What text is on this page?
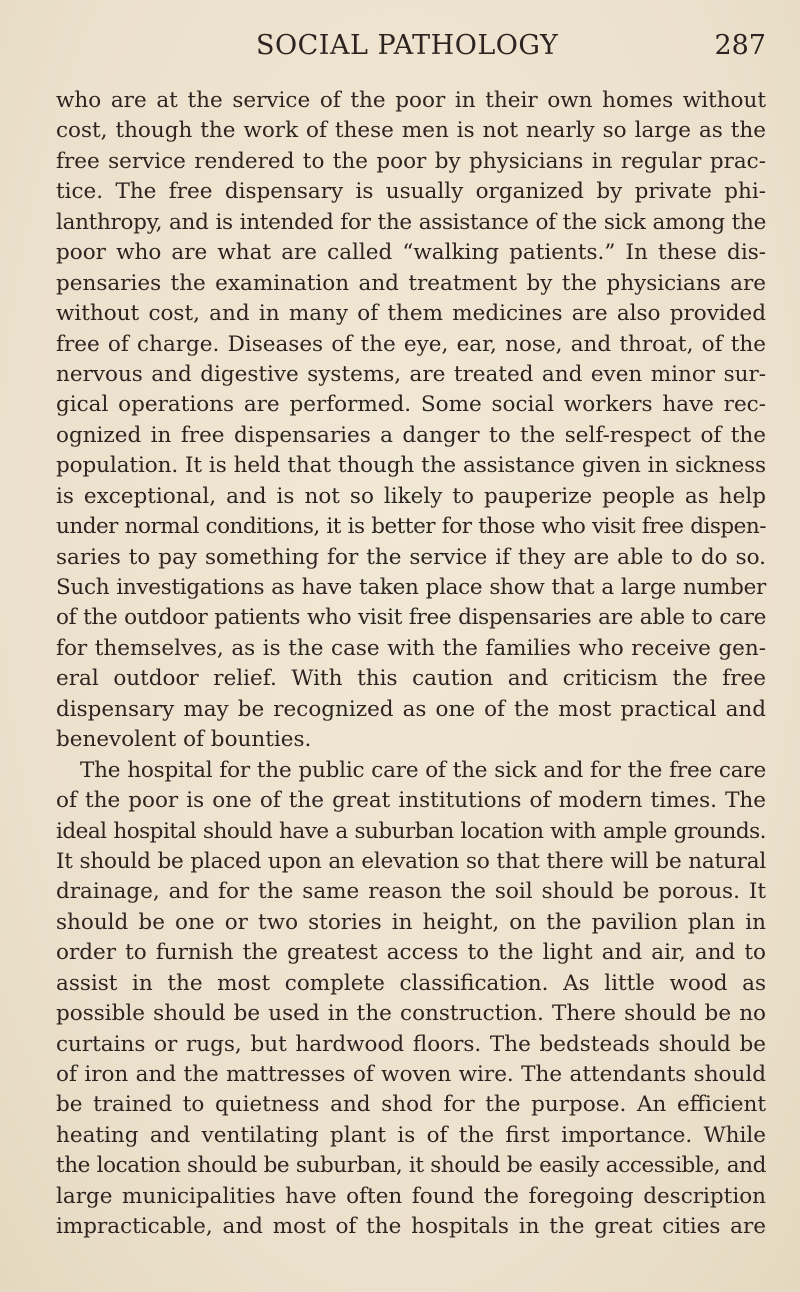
SOCIAL PATHOLOGY	287
who are at the service of the poor in their own homes without
cost, though the work of these men is not nearly so large as the
free service rendered to the poor by physicians in regular prac-
tice. The free dispensary is usually organized by private phi-
lanthropy, and is intended for the assistance of the sick among the
poor who are what are called “walking patients.” In these dis-
pensaries the examination and treatment by the physicians are
without cost, and in many of them medicines are also provided
free of charge. Diseases of the eye, ear, nose, and throat, of the
nervous and digestive systems, are treated and even minor sur-
gical operations are performed. Some social workers have rec-
ognized in free dispensaries a danger to the self-respect of the
population. It is held that though the assistance given in sickness
is exceptional, and is not so likely to pauperize people as help
under normal conditions, it is better for those who visit free dispen-
saries to pay something for the service if they are able to do so.
Such investigations as have taken place show that a large number
of the outdoor patients who visit free dispensaries are able to care
for themselves, as is the case with the families who receive gen-
eral outdoor relief. With this caution and criticism the free
dispensary may be recognized as one of the most practical and
benevolent of bounties.
The hospital for the public care of the sick and for the free care
of the poor is one of the great institutions of modern times. The
ideal hospital should have a suburban location with ample grounds.
It should be placed upon an elevation so that there will be natural
drainage, and for the same reason the soil should be porous. It
should be one or two stories in height, on the pavilion plan in
order to furnish the greatest access to the light and air, and to
assist in the most complete classification. As little wood as
possible should be used in the construction. There should be no
curtains or rugs, but hardwood floors. The bedsteads should be
of iron and the mattresses of woven wire. The attendants should
be trained to quietness and shod for the purpose. An efficient
heating and ventilating plant is of the first importance. While
the location should be suburban, it should be easily accessible, and
large municipalities have often found the foregoing description
impracticable, and most of the hospitals in the great cities are
